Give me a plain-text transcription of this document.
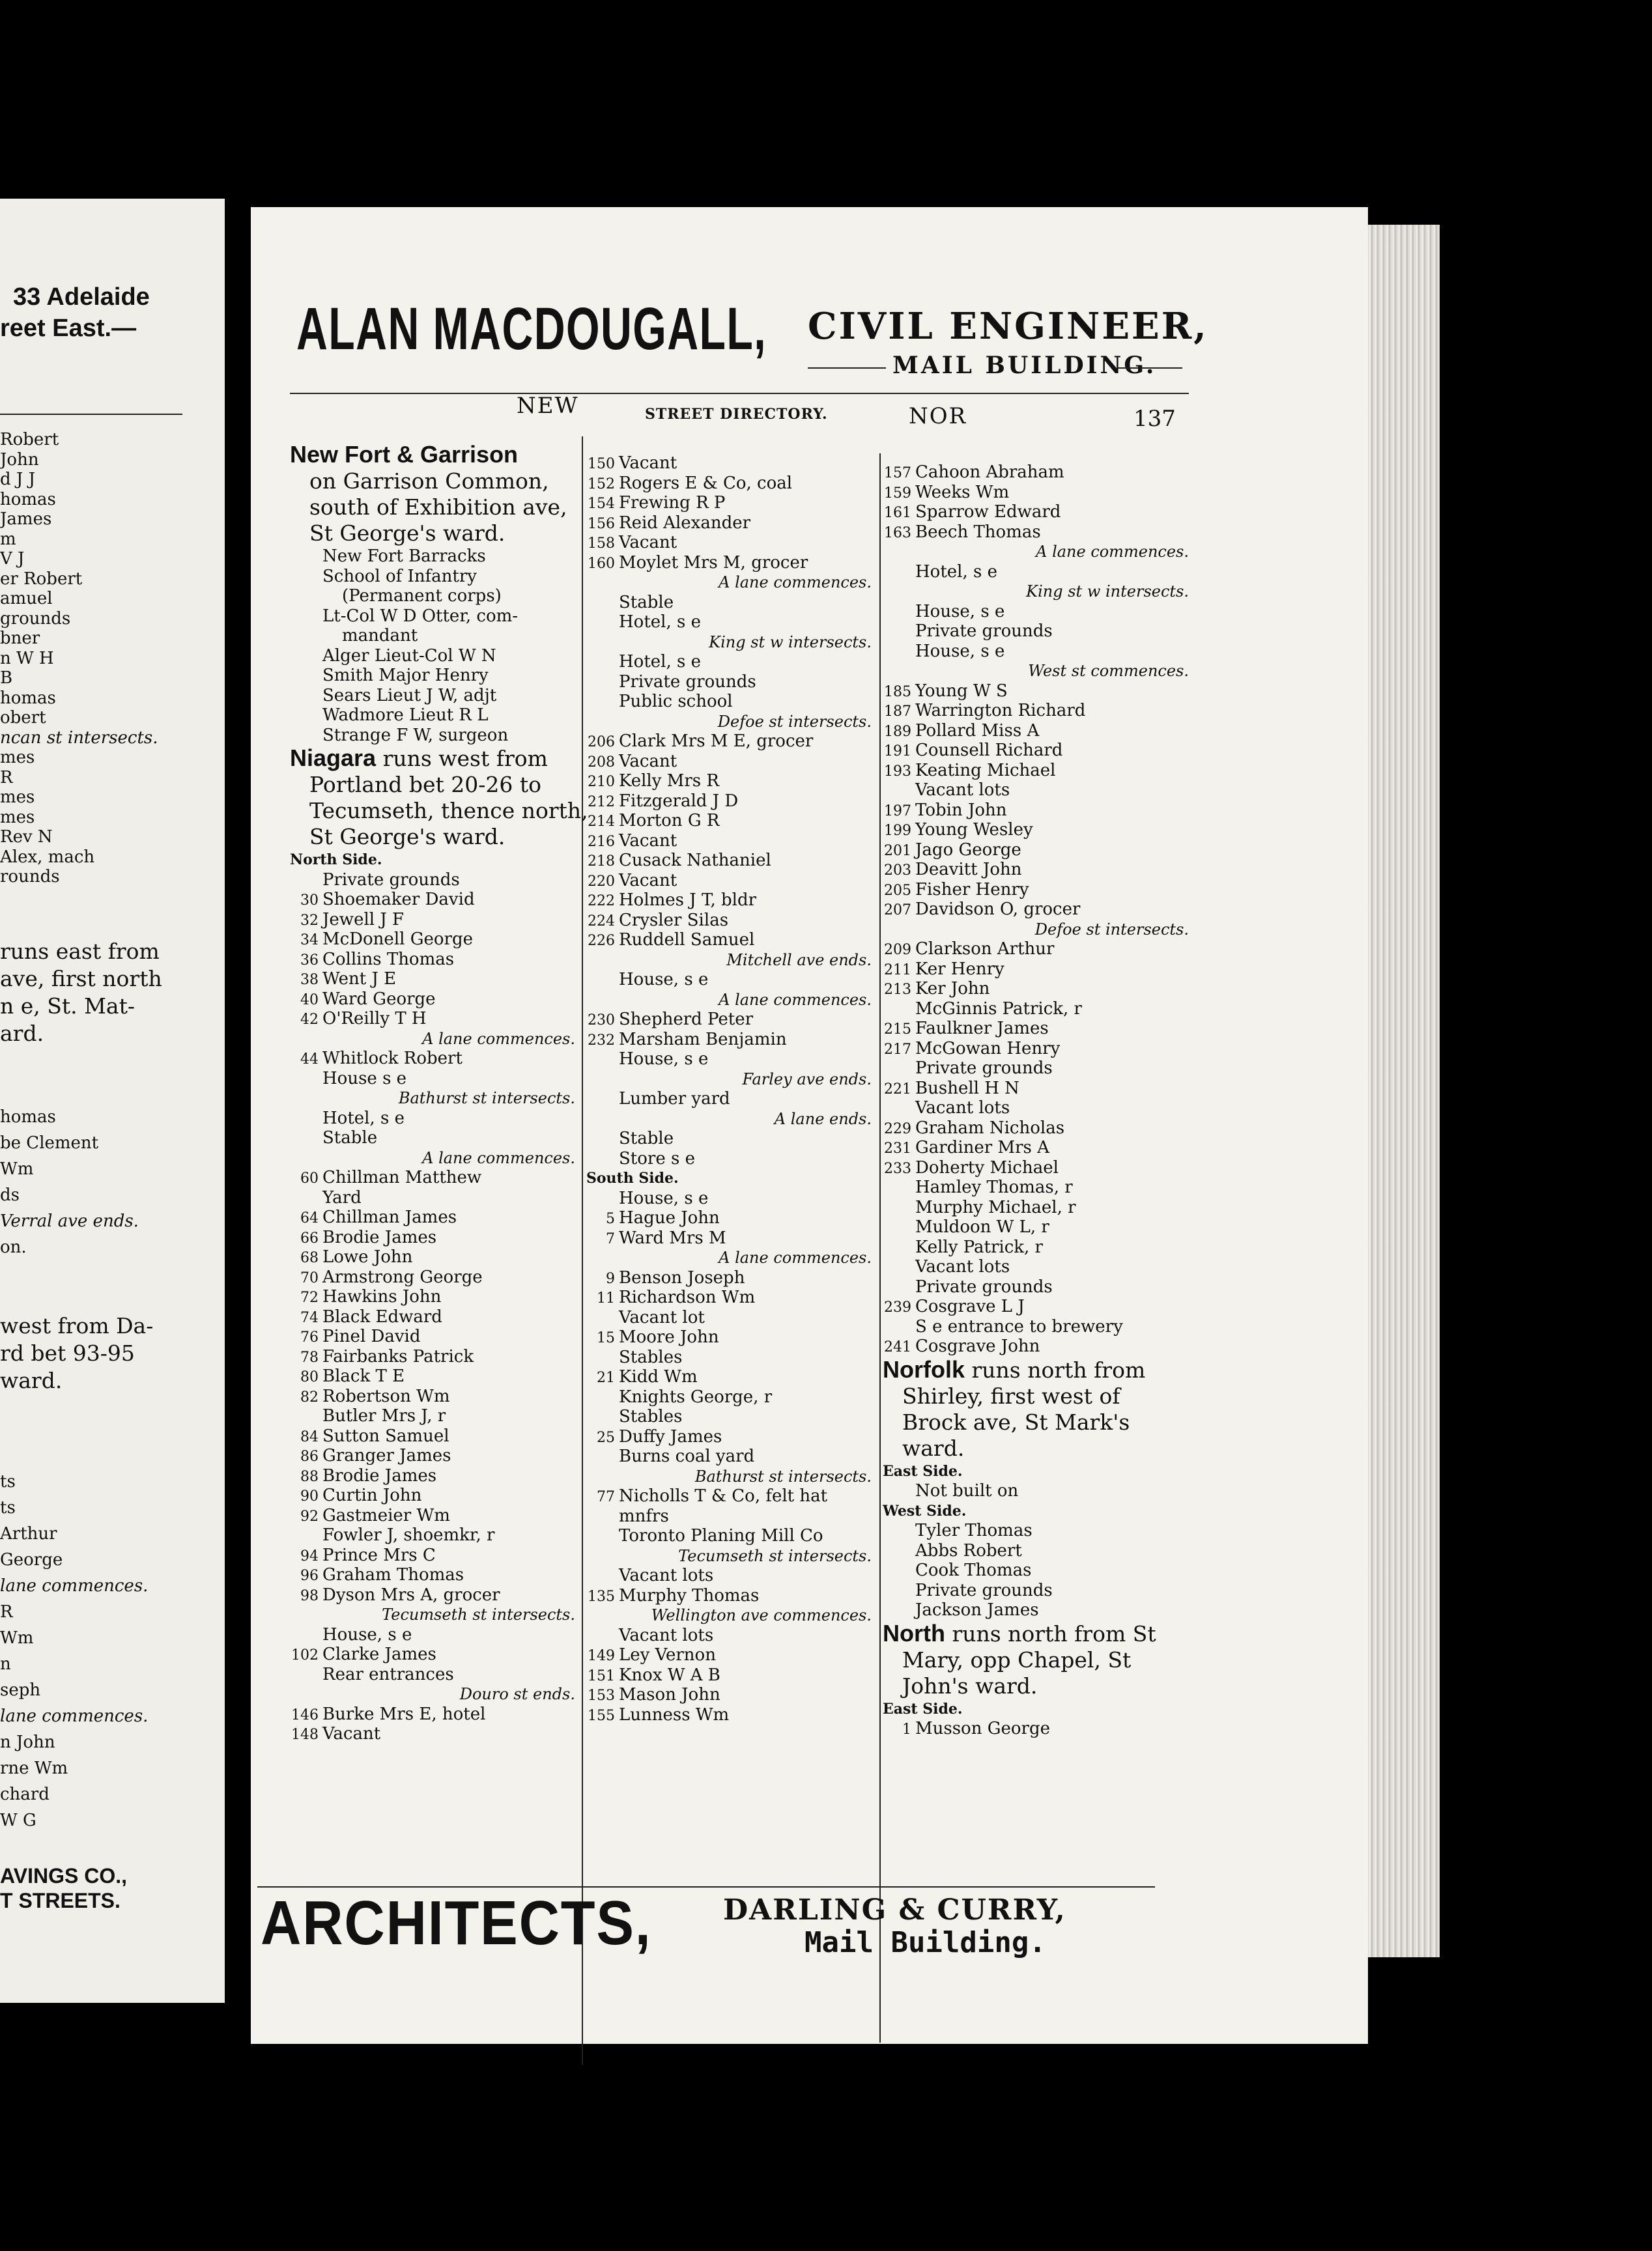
33 Adelaide
reet East.—
Robert
John
d J J
homas
James
m
V J
er Robert
amuel
grounds
bner
n W H
B
homas
obert
ncan st intersects.
mes
R
mes
mes
Rev N
Alex, mach
rounds
runs east from
ave, first north
n e, St. Mat-
ard.
homas
be Clement
Wm
ds
Verral ave ends.
on.
west from Da-
rd bet 93-95
ward.
ts
ts
Arthur
George
lane commences.
R
Wm
n
seph
lane commences.
n John
rne Wm
chard
W G
AVINGS CO.,
T STREETS.
ALAN MACDOUGALL, CIVIL ENGINEER,
MAIL BUILDING.
NEW	STREET DIRECTORY.	NOR	137
New Fort & Garrison
on Garrison Common,
south of Exhibition ave,
St George's ward.
New Fort Barracks
School of Infantry
(Permanent corps)
Lt-Col W D Otter, com-
mandant
Alger Lieut-Col W N
Smith Major Henry
Sears Lieut J W, adjt
Wadmore Lieut R L
Strange F W, surgeon
Niagara runs west from
Portland bet 20-26 to
Tecumseth, thence north,
St George's ward.
North Side.
Private grounds
30 Shoemaker David
32 Jewell J F
34 McDonell George
36 Collins Thomas
38 Went J E
40 Ward George
42 O'Reilly T H
A lane commences.
44 Whitlock Robert
House s e
Bathurst st intersects.
Hotel, s e
Stable
A lane commences.
60 Chillman Matthew
Yard
64 Chillman James
66 Brodie James
68 Lowe John
70 Armstrong George
72 Hawkins John
74 Black Edward
76 Pinel David
78 Fairbanks Patrick
80 Black T E
82 Robertson Wm
Butler Mrs J, r
84 Sutton Samuel
86 Granger James
88 Brodie James
90 Curtin John
92 Gastmeier Wm
Fowler J, shoemkr, r
94 Prince Mrs C
96 Graham Thomas
98 Dyson Mrs A, grocer
Tecumseth st intersects.
House, s e
102 Clarke James
Rear entrances
Douro st ends.
146 Burke Mrs E, hotel
148 Vacant
150 Vacant
152 Rogers E & Co, coal
154 Frewing R P
156 Reid Alexander
158 Vacant
160 Moylet Mrs M, grocer
A lane commences.
Stable
Hotel, s e
King st w intersects.
Hotel, s e
Private grounds
Public school
Defoe st intersects.
206 Clark Mrs M E, grocer
208 Vacant
210 Kelly Mrs R
212 Fitzgerald J D
214 Morton G R
216 Vacant
218 Cusack Nathaniel
220 Vacant
222 Holmes J T, bldr
224 Crysler Silas
226 Ruddell Samuel
Mitchell ave ends.
House, s e
A lane commences.
230 Shepherd Peter
232 Marsham Benjamin
House, s e
Farley ave ends.
Lumber yard
A lane ends.
Stable
Store s e
South Side.
House, s e
5 Hague John
7 Ward Mrs M
A lane commences.
9 Benson Joseph
11 Richardson Wm
Vacant lot
15 Moore John
Stables
21 Kidd Wm
Knights George, r
Stables
25 Duffy James
Burns coal yard
Bathurst st intersects.
77 Nicholls T & Co, felt hat
mnfrs
Toronto Planing Mill Co
Tecumseth st intersects.
Vacant lots
135 Murphy Thomas
Wellington ave commences.
Vacant lots
149 Ley Vernon
151 Knox W A B
153 Mason John
155 Lunness Wm
157 Cahoon Abraham
159 Weeks Wm
161 Sparrow Edward
163 Beech Thomas
A lane commences.
Hotel, s e
King st w intersects.
House, s e
Private grounds
House, s e
West st commences.
185 Young W S
187 Warrington Richard
189 Pollard Miss A
191 Counsell Richard
193 Keating Michael
Vacant lots
197 Tobin John
199 Young Wesley
201 Jago George
203 Deavitt John
205 Fisher Henry
207 Davidson O, grocer
Defoe st intersects.
209 Clarkson Arthur
211 Ker Henry
213 Ker John
McGinnis Patrick, r
215 Faulkner James
217 McGowan Henry
Private grounds
221 Bushell H N
Vacant lots
229 Graham Nicholas
231 Gardiner Mrs A
233 Doherty Michael
Hamley Thomas, r
Murphy Michael, r
Muldoon W L, r
Kelly Patrick, r
Vacant lots
Private grounds
239 Cosgrave L J
S e entrance to brewery
241 Cosgrave John
Norfolk runs north from
Shirley, first west of
Brock ave, St Mark's
ward.
East Side.
Not built on
West Side.
Tyler Thomas
Abbs Robert
Cook Thomas
Private grounds
Jackson James
North runs north from St
Mary, opp Chapel, St
John's ward.
East Side.
1 Musson George
ARCHITECTS, DARLING & CURRY,
Mail Building.
